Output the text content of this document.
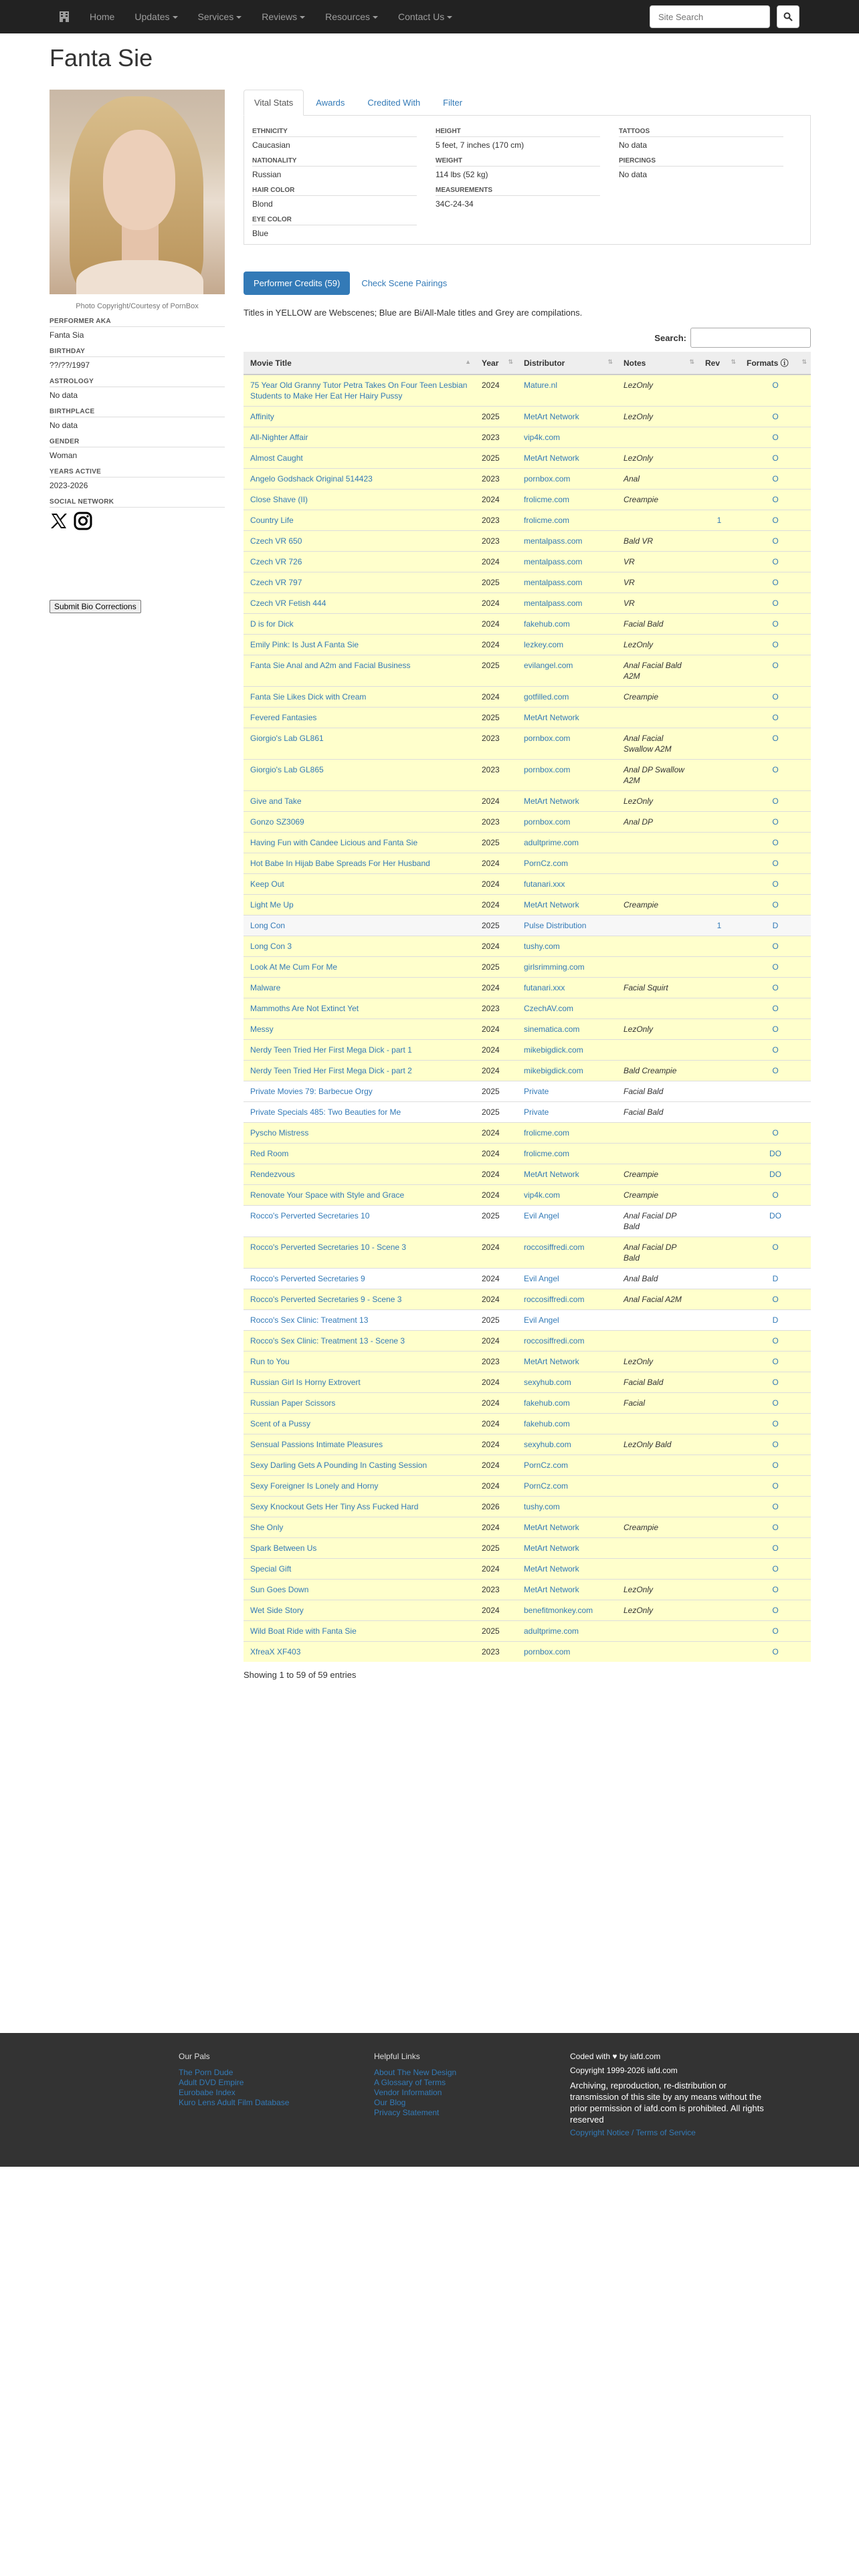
Home	Updates	Services	Reviews	Resources	Contact Us
Site Search
Fanta Sie
Photo Copyright/Courtesy of PornBox
PERFORMER AKA
Fanta Sia
BIRTHDAY
??/??/1997
ASTROLOGY
No data
BIRTHPLACE
No data
GENDER
Woman
YEARS ACTIVE
2023-2026
SOCIAL NETWORK
Submit Bio Corrections
Vital Stats	Awards	Credited With	Filter
ETHNICITY
Caucasian
NATIONALITY
Russian
HAIR COLOR
Blond
EYE COLOR
Blue
HEIGHT
5 feet, 7 inches (170 cm)
WEIGHT
114 lbs (52 kg)
MEASUREMENTS
34C-24-34
TATTOOS
No data
PIERCINGS
No data
Performer Credits (59)	Check Scene Pairings
Titles in YELLOW are Webscenes; Blue are Bi/All-Male titles and Grey are compilations.
Search:
Movie Title ▲	Year ⇅	Distributor ⇅	Notes ⇅	Rev ⇅	Formats ⓘ ⇅

75 Year Old Granny Tutor Petra Takes On Four Teen Lesbian Students to Make Her Eat Her Hairy Pussy	2024	Mature.nl	LezOnly		O
Affinity	2025	MetArt Network	LezOnly		O
All-Nighter Affair	2023	vip4k.com			O
Almost Caught	2025	MetArt Network	LezOnly		O
Angelo Godshack Original 514423	2023	pornbox.com	Anal		O
Close Shave (II)	2024	frolicme.com	Creampie		O
Country Life	2023	frolicme.com		1	O
Czech VR 650	2023	mentalpass.com	Bald VR		O
Czech VR 726	2024	mentalpass.com	VR		O
Czech VR 797	2025	mentalpass.com	VR		O
Czech VR Fetish 444	2024	mentalpass.com	VR		O
D is for Dick	2024	fakehub.com	Facial Bald		O
Emily Pink: Is Just A Fanta Sie	2024	lezkey.com	LezOnly		O
Fanta Sie Anal and A2m and Facial Business	2025	evilangel.com	Anal Facial Bald A2M		O
Fanta Sie Likes Dick with Cream	2024	gotfilled.com	Creampie		O
Fevered Fantasies	2025	MetArt Network			O
Giorgio's Lab GL861	2023	pornbox.com	Anal Facial Swallow A2M		O
Giorgio's Lab GL865	2023	pornbox.com	Anal DP Swallow A2M		O
Give and Take	2024	MetArt Network	LezOnly		O
Gonzo SZ3069	2023	pornbox.com	Anal DP		O
Having Fun with Candee Licious and Fanta Sie	2025	adultprime.com			O
Hot Babe In Hijab Babe Spreads For Her Husband	2024	PornCz.com			O
Keep Out	2024	futanari.xxx			O
Light Me Up	2024	MetArt Network	Creampie		O
Long Con	2025	Pulse Distribution		1	D
Long Con 3	2024	tushy.com			O
Look At Me Cum For Me	2025	girlsrimming.com			O
Malware	2024	futanari.xxx	Facial Squirt		O
Mammoths Are Not Extinct Yet	2023	CzechAV.com			O
Messy	2024	sinematica.com	LezOnly		O
Nerdy Teen Tried Her First Mega Dick - part 1	2024	mikebigdick.com			O
Nerdy Teen Tried Her First Mega Dick - part 2	2024	mikebigdick.com	Bald Creampie		O
Private Movies 79: Barbecue Orgy	2025	Private	Facial Bald		
Private Specials 485: Two Beauties for Me	2025	Private	Facial Bald		
Pyscho Mistress	2024	frolicme.com			O
Red Room	2024	frolicme.com			DO
Rendezvous	2024	MetArt Network	Creampie		DO
Renovate Your Space with Style and Grace	2024	vip4k.com	Creampie		O
Rocco's Perverted Secretaries 10	2025	Evil Angel	Anal Facial DP Bald		DO
Rocco's Perverted Secretaries 10 - Scene 3	2024	roccosiffredi.com	Anal Facial DP Bald		O
Rocco's Perverted Secretaries 9	2024	Evil Angel	Anal Bald		D
Rocco's Perverted Secretaries 9 - Scene 3	2024	roccosiffredi.com	Anal Facial A2M		O
Rocco's Sex Clinic: Treatment 13	2025	Evil Angel			D
Rocco's Sex Clinic: Treatment 13 - Scene 3	2024	roccosiffredi.com			O
Run to You	2023	MetArt Network	LezOnly		O
Russian Girl Is Horny Extrovert	2024	sexyhub.com	Facial Bald		O
Russian Paper Scissors	2024	fakehub.com	Facial		O
Scent of a Pussy	2024	fakehub.com			O
Sensual Passions Intimate Pleasures	2024	sexyhub.com	LezOnly Bald		O
Sexy Darling Gets A Pounding In Casting Session	2024	PornCz.com			O
Sexy Foreigner Is Lonely and Horny	2024	PornCz.com			O
Sexy Knockout Gets Her Tiny Ass Fucked Hard	2026	tushy.com			O
She Only	2024	MetArt Network	Creampie		O
Spark Between Us	2025	MetArt Network			O
Special Gift	2024	MetArt Network			O
Sun Goes Down	2023	MetArt Network	LezOnly		O
Wet Side Story	2024	benefitmonkey.com	LezOnly		O
Wild Boat Ride with Fanta Sie	2025	adultprime.com			O
XfreaX XF403	2023	pornbox.com			O
Showing 1 to 59 of 59 entries
Our Pals
The Porn Dude
Adult DVD Empire
Eurobabe Index
Kuro Lens Adult Film Database
Helpful Links
About The New Design
A Glossary of Terms
Vendor Information
Our Blog
Privacy Statement

Coded with ♥ by iafd.com

Copyright 1999-2026 iafd.com

Archiving, reproduction, re-distribution or transmission of this site by any means without the prior permission of iafd.com is prohibited. All rights reserved

Copyright Notice / Terms of Service
